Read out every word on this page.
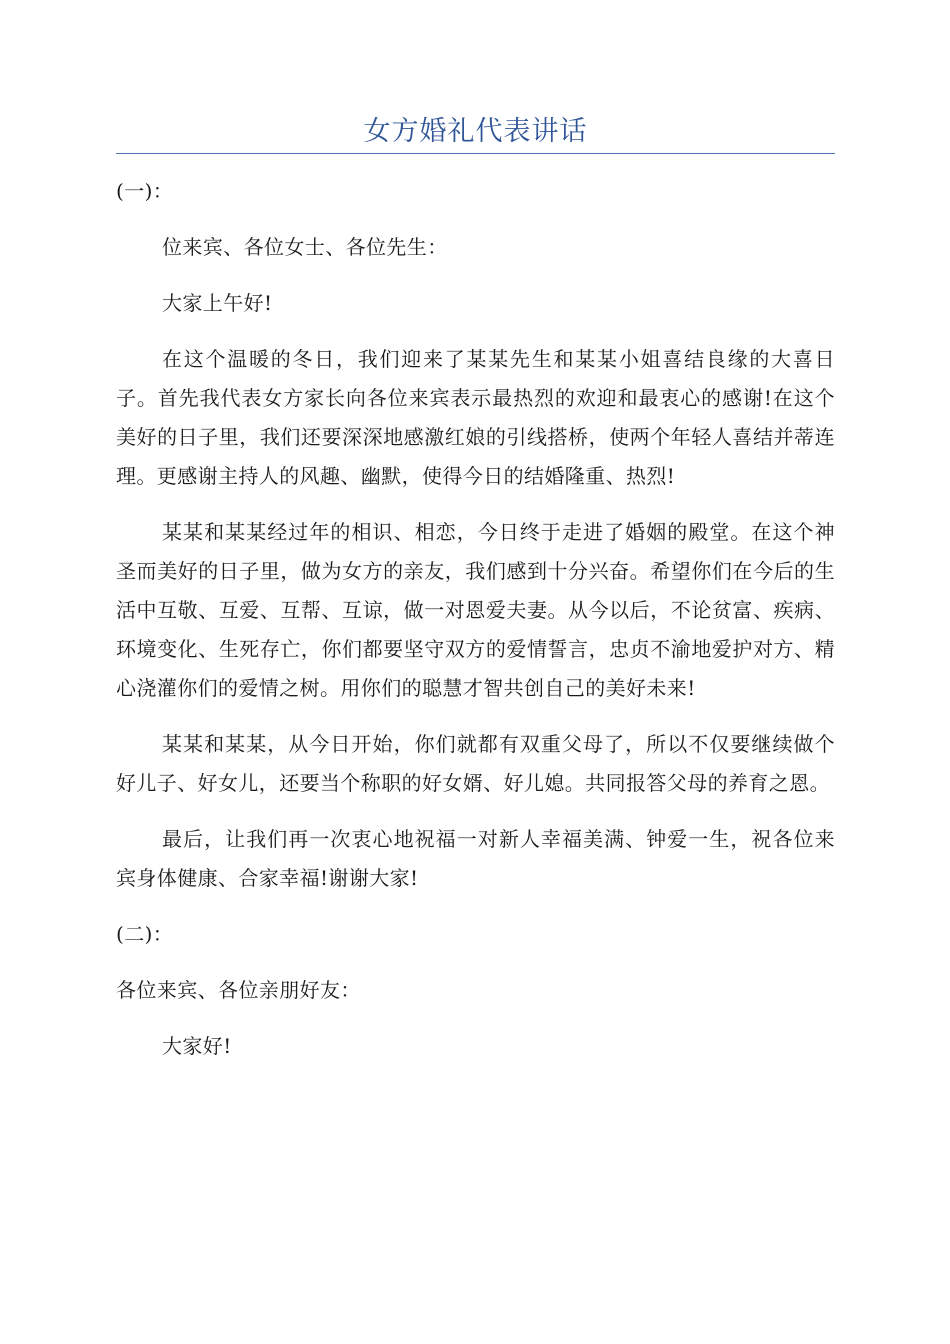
女方婚礼代表讲话

(一)：

位来宾、各位女士、各位先生：

大家上午好!

在这个温暖的冬日，我们迎来了某某先生和某某小姐喜结良缘的大喜日子。首先我代表女方家长向各位来宾表示最热烈的欢迎和最衷心的感谢!在这个美好的日子里，我们还要深深地感激红娘的引线搭桥，使两个年轻人喜结并蒂连理。更感谢主持人的风趣、幽默，使得今日的结婚隆重、热烈!

某某和某某经过年的相识、相恋，今日终于走进了婚姻的殿堂。在这个神圣而美好的日子里，做为女方的亲友，我们感到十分兴奋。希望你们在今后的生活中互敬、互爱、互帮、互谅，做一对恩爱夫妻。从今以后，不论贫富、疾病、环境变化、生死存亡，你们都要坚守双方的爱情誓言，忠贞不渝地爱护对方、精心浇灌你们的爱情之树。用你们的聪慧才智共创自己的美好未来!

某某和某某，从今日开始，你们就都有双重父母了，所以不仅要继续做个好儿子、好女儿，还要当个称职的好女婿、好儿媳。共同报答父母的养育之恩。

最后，让我们再一次衷心地祝福一对新人幸福美满、钟爱一生，祝各位来宾身体健康、合家幸福!谢谢大家!

(二)：

各位来宾、各位亲朋好友：

大家好!
